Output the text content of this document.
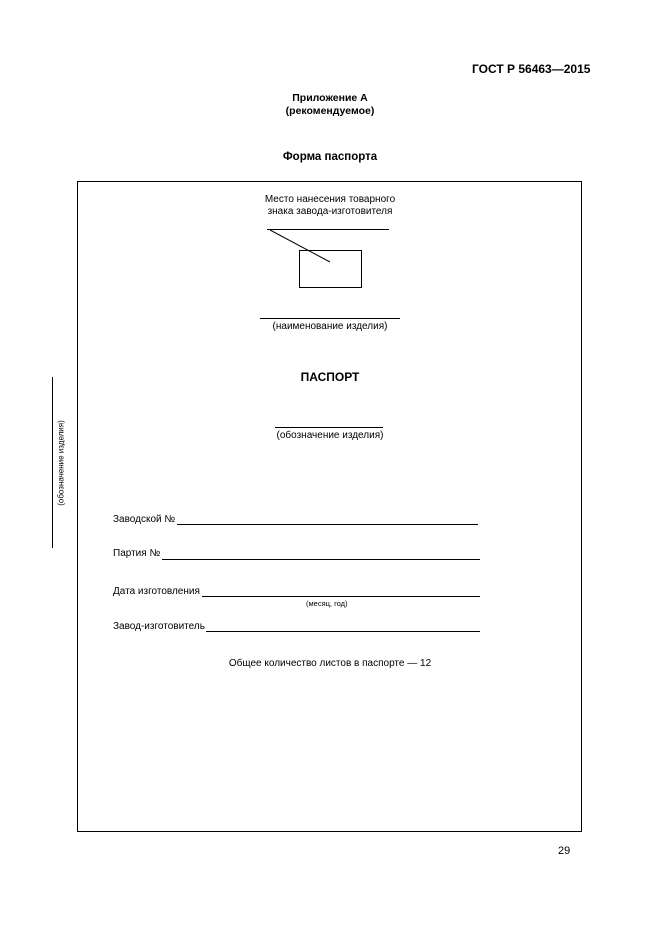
ГОСТ Р 56463—2015
Приложение А
(рекомендуемое)
Форма паспорта
(обозначение изделия)
Место нанесения товарного
знака завода-изготовителя
(наименование изделия)
ПАСПОРТ
(обозначение изделия)
Заводской №
Партия №
Дата изготовления
(месяц, год)
Завод-изготовитель
Общее количество листов в паспорте — 12
29
